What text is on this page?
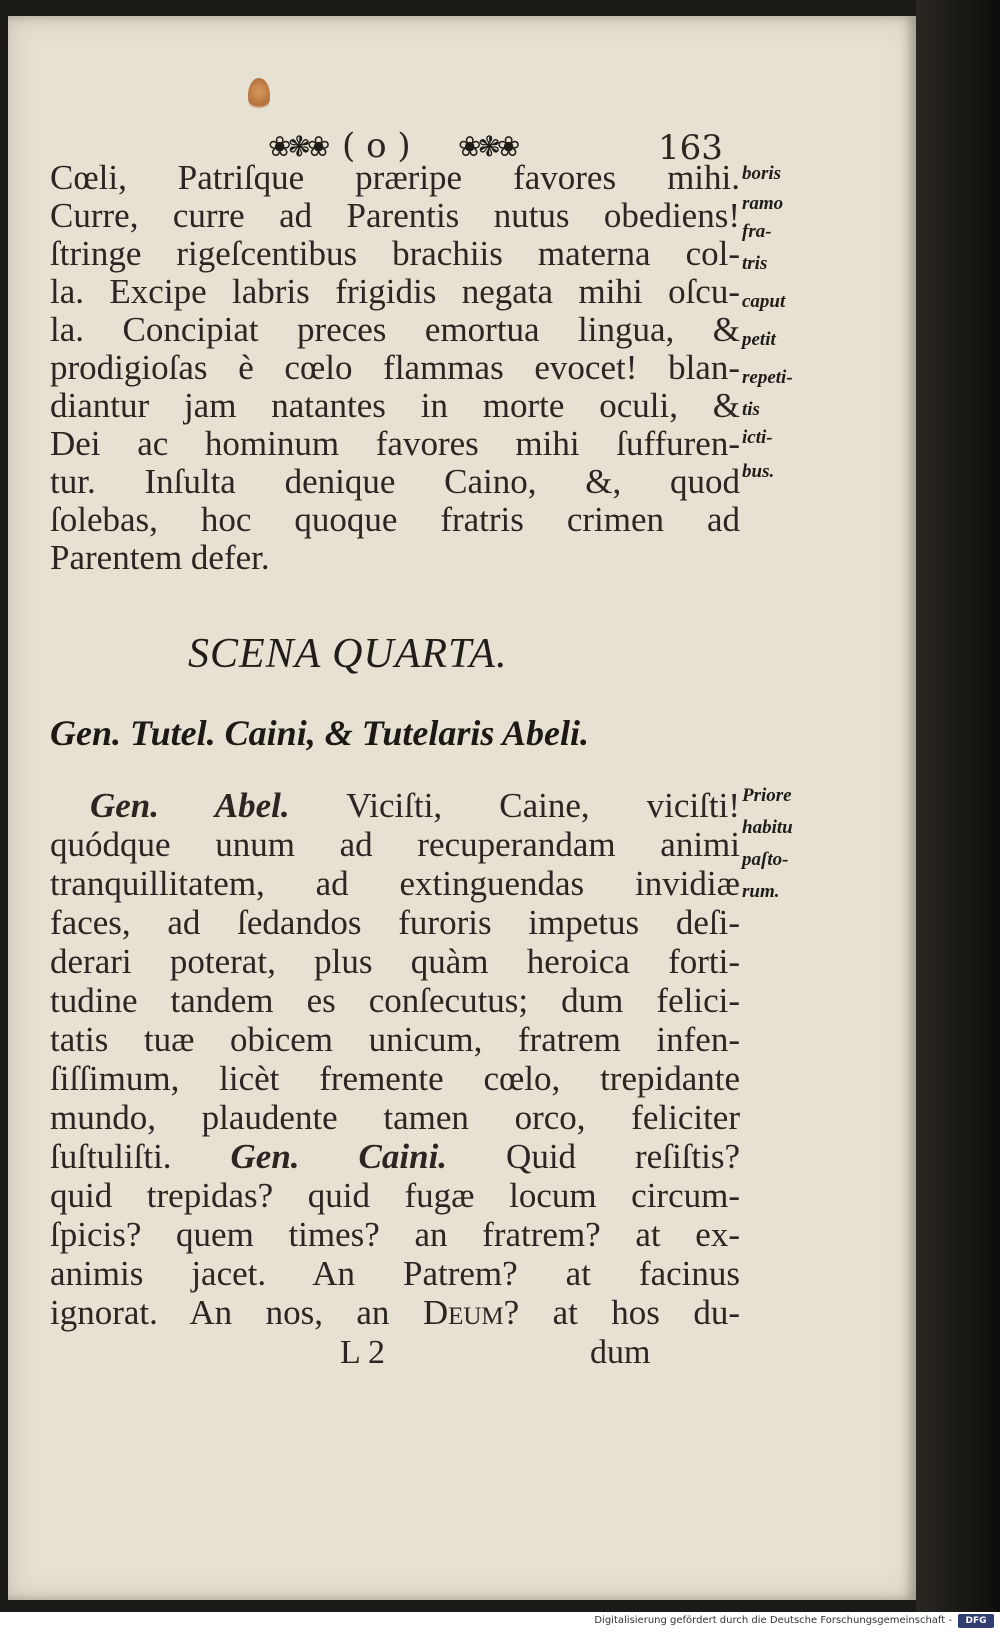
❀❃❀ ( o ) ❀❃❀	163
Cœli, Patriſque præripe favores mihi.
Curre, curre ad Parentis nutus obediens!
ſtringe rigeſcentibus brachiis materna col-
la. Excipe labris frigidis negata mihi oſcu-
la. Concipiat preces emortua lingua, &
prodigioſas è cœlo flammas evocet! blan-
diantur jam natantes in morte oculi, &
Dei ac hominum favores mihi ſuffuren-
tur. Inſulta denique Caino, &, quod
ſolebas, hoc quoque fratris crimen ad
Parentem defer.
boris
ramo
fra-
tris
caput
petit
repeti-
tis
icti-
bus.
SCENA QUARTA.
Gen. Tutel. Caini, & Tutelaris Abeli.
Gen. Abel. Viciſti, Caine, viciſti!
quódque unum ad recuperandam animi
tranquillitatem, ad extinguendas invidiæ
faces, ad ſedandos furoris impetus deſi-
derari poterat, plus quàm heroica forti-
tudine tandem es conſecutus; dum felici-
tatis tuæ obicem unicum, fratrem infen-
ſiſſimum, licèt fremente cœlo, trepidante
mundo, plaudente tamen orco, feliciter
ſuſtuliſti. Gen. Caini. Quid reſiſtis?
quid trepidas? quid fugæ locum circum-
ſpicis? quem times? an fratrem? at ex-
animis jacet. An Patrem? at facinus
ignorat. An nos, an Deum? at hos du-
Priore
habitu
paſto-
rum.
L 2	dum
Digitalisierung gefördert durch die Deutsche Forschungsgemeinschaft -	DFG
